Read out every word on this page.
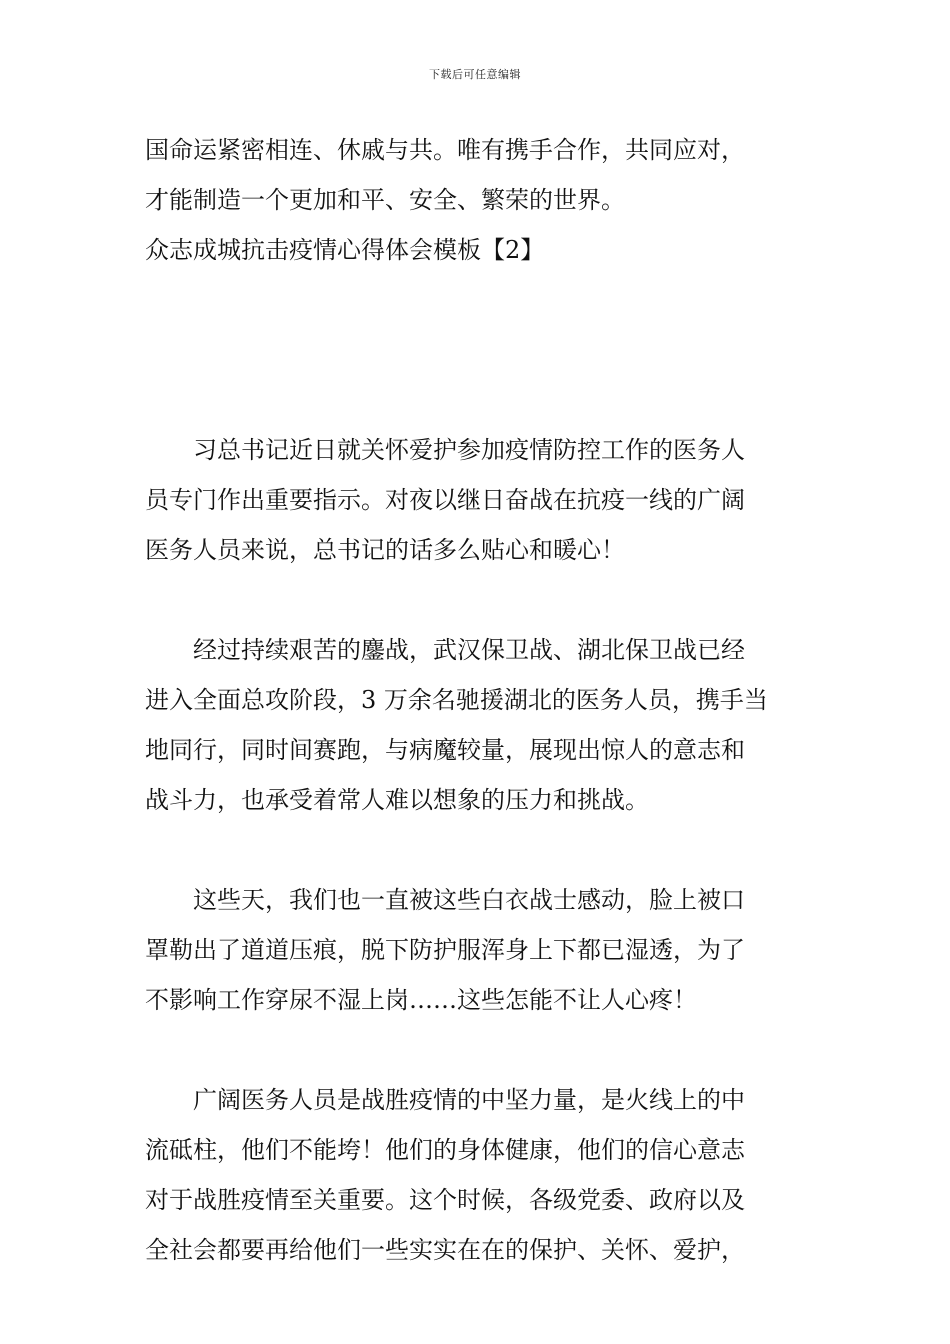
下载后可任意编辑
国命运紧密相连、休戚与共。唯有携手合作，共同应对，
才能制造一个更加和平、安全、繁荣的世界。
众志成城抗击疫情心得体会模板【2】
　　习总书记近日就关怀爱护参加疫情防控工作的医务人
员专门作出重要指示。对夜以继日奋战在抗疫一线的广阔
医务人员来说，总书记的话多么贴心和暖心！
　　经过持续艰苦的鏖战，武汉保卫战、湖北保卫战已经
进入全面总攻阶段，3 万余名驰援湖北的医务人员，携手当
地同行，同时间赛跑，与病魔较量，展现出惊人的意志和
战斗力，也承受着常人难以想象的压力和挑战。
　　这些天，我们也一直被这些白衣战士感动，脸上被口
罩勒出了道道压痕，脱下防护服浑身上下都已湿透，为了
不影响工作穿尿不湿上岗……这些怎能不让人心疼！
　　广阔医务人员是战胜疫情的中坚力量，是火线上的中
流砥柱，他们不能垮！他们的身体健康，他们的信心意志
对于战胜疫情至关重要。这个时候，各级党委、政府以及
全社会都要再给他们一些实实在在的保护、关怀、爱护，
